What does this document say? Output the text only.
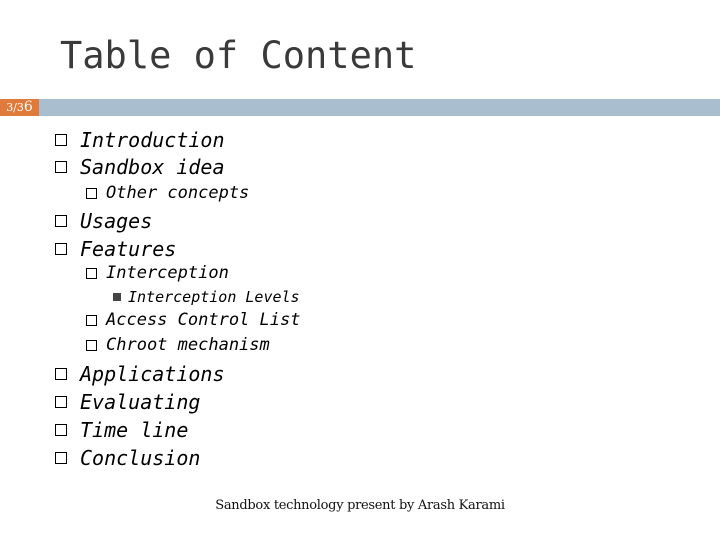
Table of Content
3/36
Introduction
Sandbox idea
Other concepts
Usages
Features
Interception
Interception Levels
Access Control List
Chroot mechanism
Applications
Evaluating
Time line
Conclusion
Sandbox technology present by Arash Karami
